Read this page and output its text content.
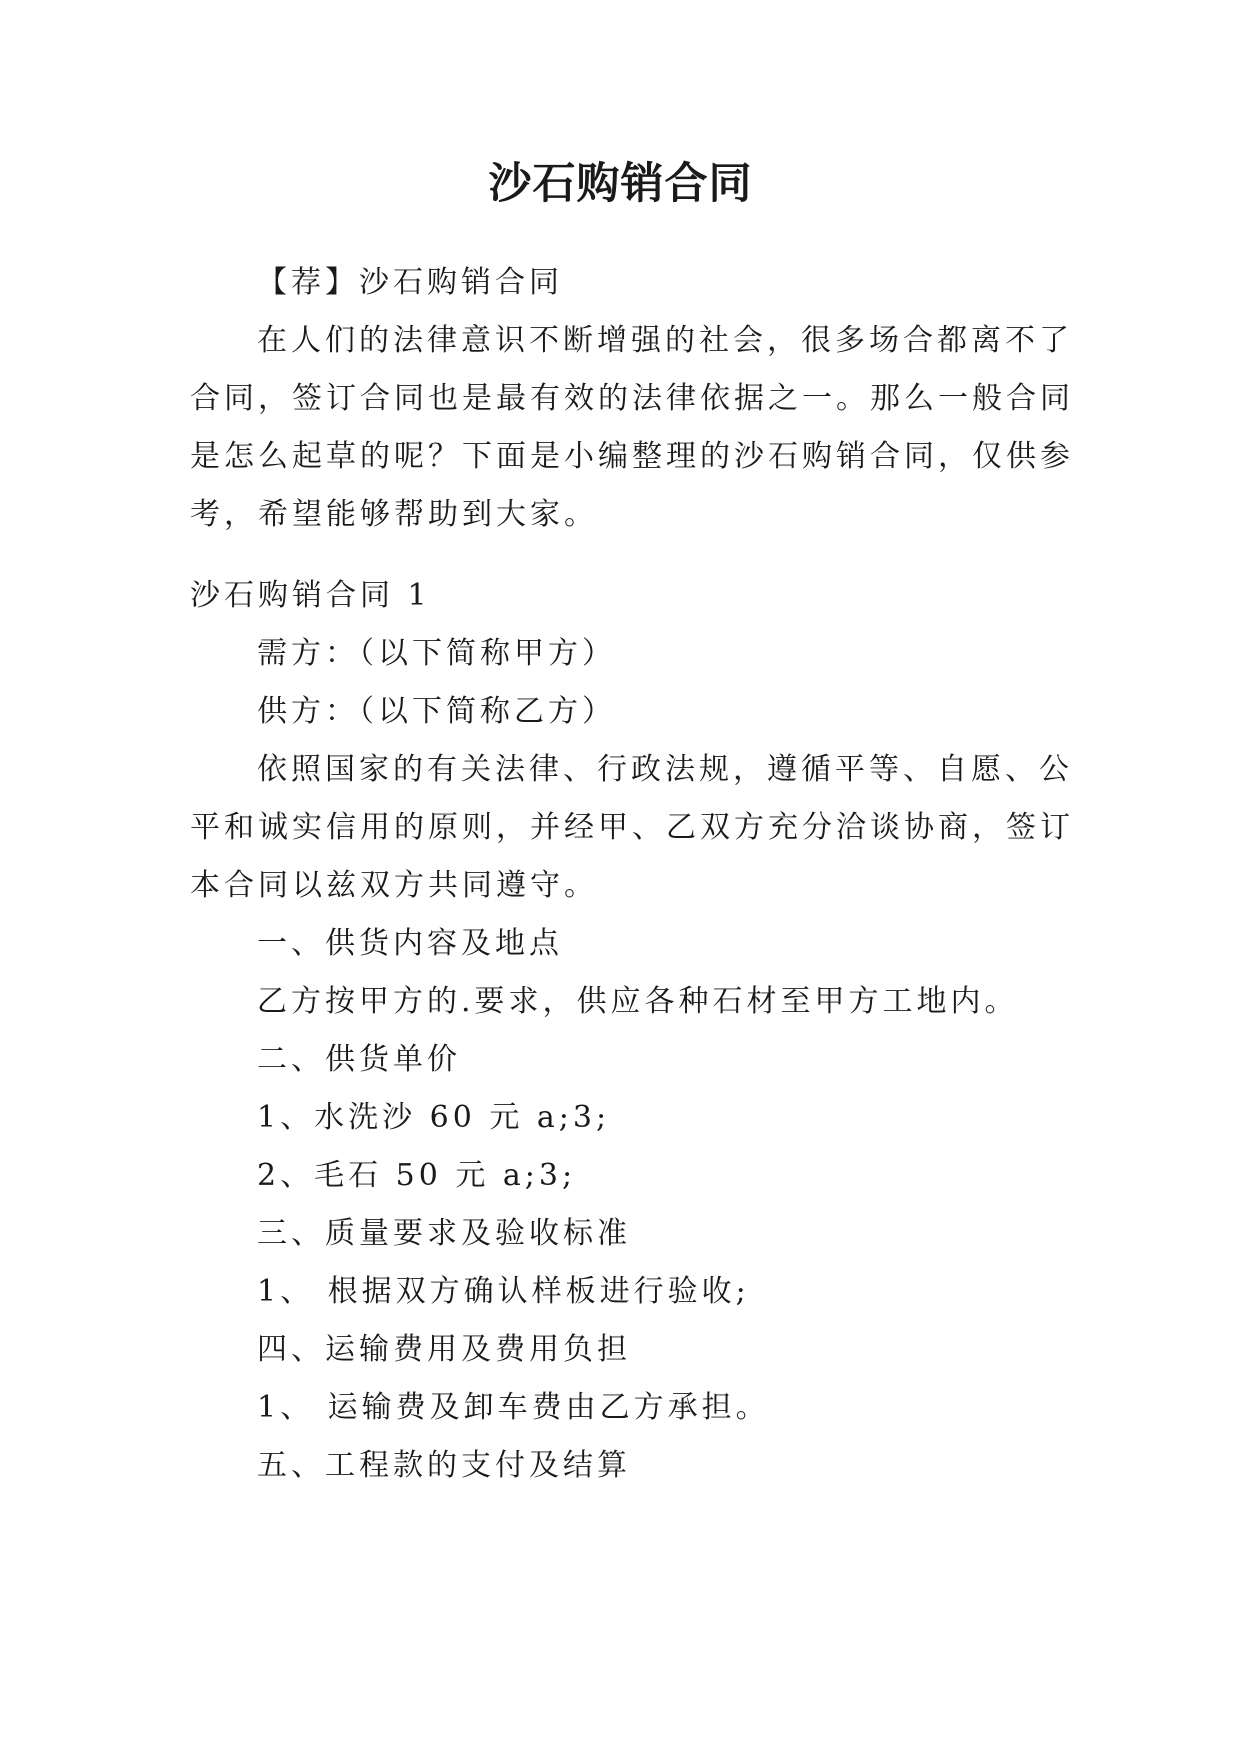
沙石购销合同
【荐】沙石购销合同
在人们的法律意识不断增强的社会，很多场合都离不了
合同，签订合同也是最有效的法律依据之一。那么一般合同
是怎么起草的呢？下面是小编整理的沙石购销合同，仅供参
考，希望能够帮助到大家。
沙石购销合同 1
需方：（以下简称甲方）
供方：（以下简称乙方）
依照国家的有关法律、行政法规，遵循平等、自愿、公
平和诚实信用的原则，并经甲、乙双方充分洽谈协商，签订
本合同以兹双方共同遵守。
一、供货内容及地点
乙方按甲方的.要求，供应各种石材至甲方工地内。
二、供货单价
1、水洗沙 60 元 a;3;
2、毛石 50 元 a;3;
三、质量要求及验收标准
1、 根据双方确认样板进行验收;
四、运输费用及费用负担
1、 运输费及卸车费由乙方承担。
五、工程款的支付及结算
